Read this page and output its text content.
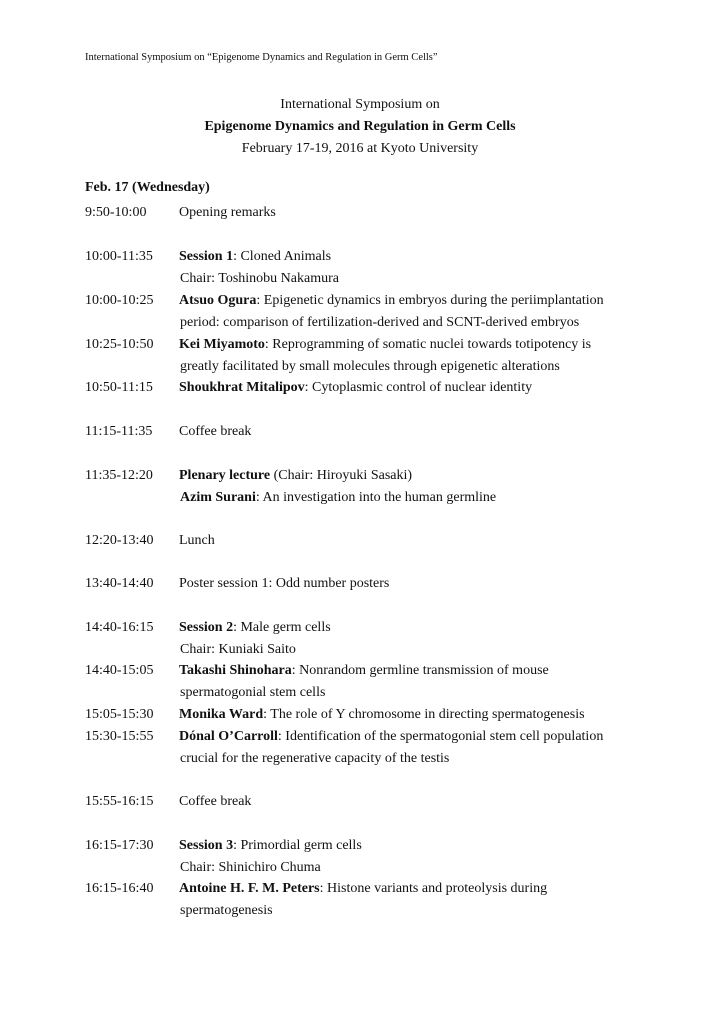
International Symposium on “Epigenome Dynamics and Regulation in Germ Cells”
International Symposium on
Epigenome Dynamics and Regulation in Germ Cells
February 17-19, 2016 at Kyoto University
Feb. 17 (Wednesday)
9:50-10:00 Opening remarks
10:00-11:35 Session 1: Cloned Animals
Chair: Toshinobu Nakamura
10:00-10:25 Atsuo Ogura: Epigenetic dynamics in embryos during the periimplantation
period: comparison of fertilization-derived and SCNT-derived embryos
10:25-10:50 Kei Miyamoto: Reprogramming of somatic nuclei towards totipotency is
greatly facilitated by small molecules through epigenetic alterations
10:50-11:15 Shoukhrat Mitalipov: Cytoplasmic control of nuclear identity
11:15-11:35 Coffee break
11:35-12:20 Plenary lecture (Chair: Hiroyuki Sasaki)
Azim Surani: An investigation into the human germline
12:20-13:40 Lunch
13:40-14:40 Poster session 1: Odd number posters
14:40-16:15 Session 2: Male germ cells
Chair: Kuniaki Saito
14:40-15:05 Takashi Shinohara: Nonrandom germline transmission of mouse
spermatogonial stem cells
15:05-15:30 Monika Ward: The role of Y chromosome in directing spermatogenesis
15:30-15:55 Dónal O’Carroll: Identification of the spermatogonial stem cell population
crucial for the regenerative capacity of the testis
15:55-16:15 Coffee break
16:15-17:30 Session 3: Primordial germ cells
Chair: Shinichiro Chuma
16:15-16:40 Antoine H. F. M. Peters: Histone variants and proteolysis during
spermatogenesis
